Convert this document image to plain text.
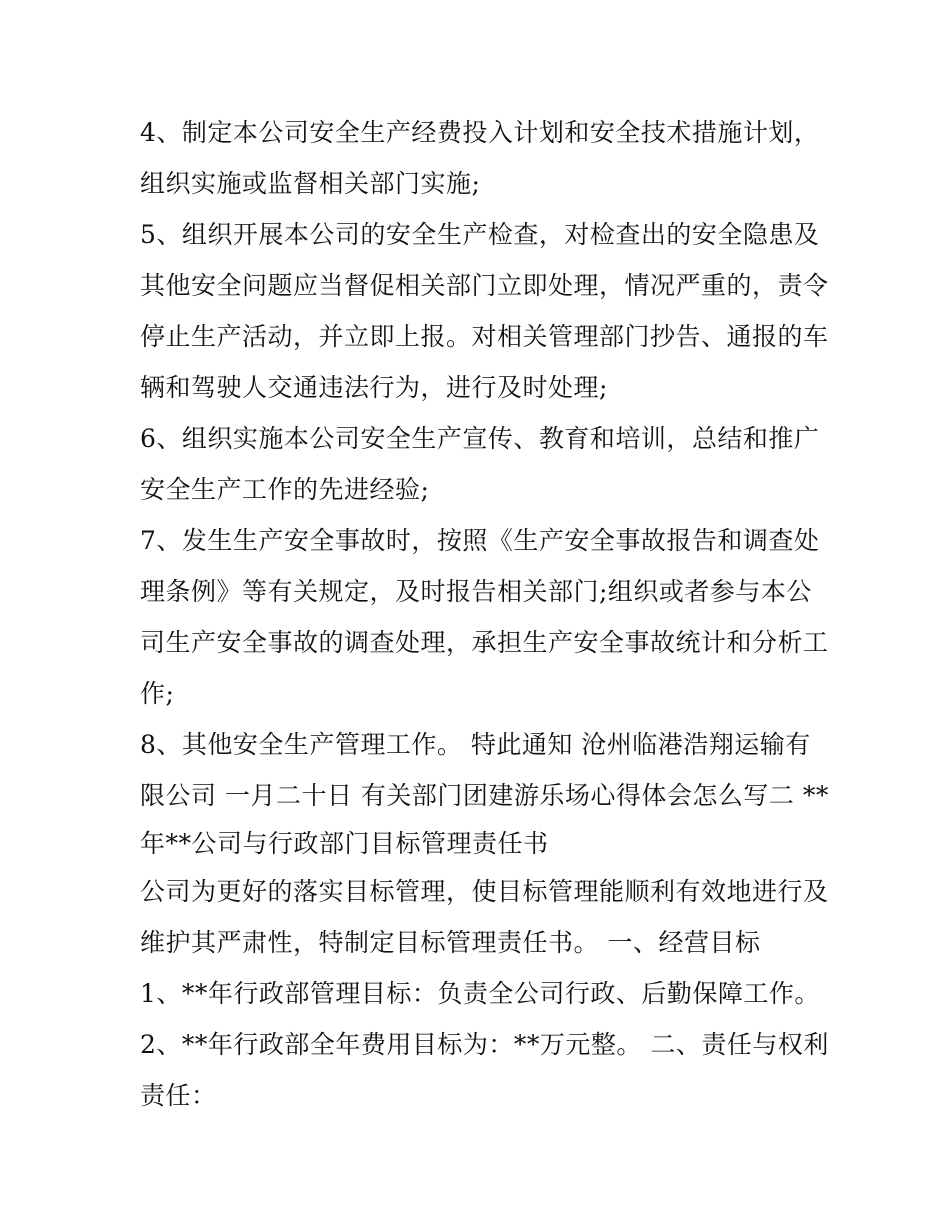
4、制定本公司安全生产经费投入计划和安全技术措施计划，
组织实施或监督相关部门实施;
5、组织开展本公司的安全生产检查，对检查出的安全隐患及
其他安全问题应当督促相关部门立即处理，情况严重的，责令
停止生产活动，并立即上报。对相关管理部门抄告、通报的车
辆和驾驶人交通违法行为，进行及时处理;
6、组织实施本公司安全生产宣传、教育和培训，总结和推广
安全生产工作的先进经验;
7、发生生产安全事故时，按照《生产安全事故报告和调查处
理条例》等有关规定，及时报告相关部门;组织或者参与本公
司生产安全事故的调查处理，承担生产安全事故统计和分析工
作;
8、其他安全生产管理工作。 特此通知 沧州临港浩翔运输有
限公司 一月二十日 有关部门团建游乐场心得体会怎么写二 **
年**公司与行政部门目标管理责任书
公司为更好的落实目标管理，使目标管理能顺利有效地进行及
维护其严肃性，特制定目标管理责任书。 一、经营目标
1、**年行政部管理目标：负责全公司行政、后勤保障工作。
2、**年行政部全年费用目标为：**万元整。 二、责任与权利
责任：
